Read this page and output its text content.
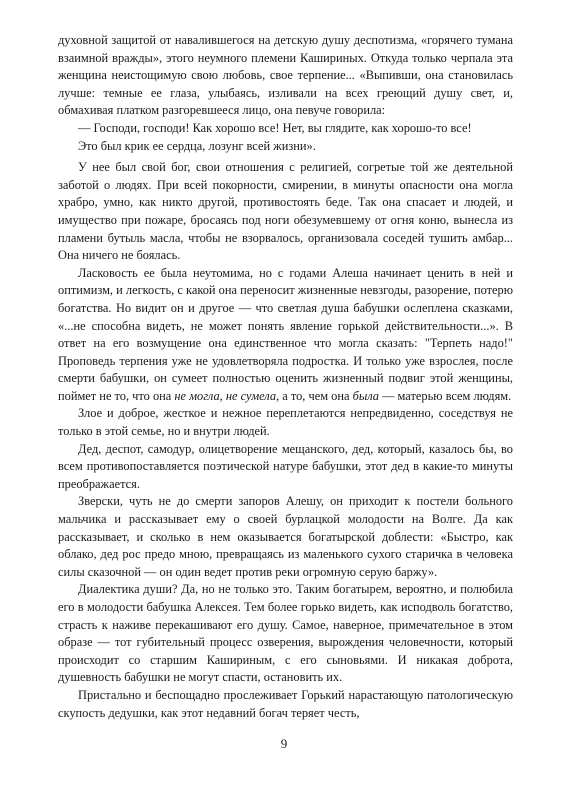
духовной защитой от навалившегося на детскую душу деспотизма, «горячего тумана взаимной вражды», этого неумного племени Кашириных. Откуда только черпала эта женщина неистощимую свою любовь, свое терпение... «Выпивши, она становилась лучше: темные ее глаза, улыбаясь, изливали на всех греющий душу свет, и, обмахивая платком разгоревшееся лицо, она певуче говорила:

— Господи, господи! Как хорошо все! Нет, вы глядите, как хорошо-то все!

Это был крик ее сердца, лозунг всей жизни».

У нее был свой бог, свои отношения с религией, согретые той же деятельной заботой о людях. При всей покорности, смирении, в минуты опасности она могла храбро, умно, как никто другой, противостоять беде. Так она спасает и людей, и имущество при пожаре, бросаясь под ноги обезумевшему от огня коню, вынесла из пламени бутыль масла, чтобы не взорвалось, организовала соседей тушить амбар... Она ничего не боялась.

Ласковость ее была неутомима, но с годами Алеша начинает ценить в ней и оптимизм, и легкость, с какой она переносит жизненные невзгоды, разорение, потерю богатства. Но видит он и другое — что светлая душа бабушки ослеплена сказками, «...не способна видеть, не может понять явление горькой действительности...». В ответ на его возмущение она единственное что могла сказать: "Терпеть надо!" Проповедь терпения уже не удовлетворяла подростка. И только уже взрослея, после смерти бабушки, он сумеет полностью оценить жизненный подвиг этой женщины, поймет не то, что она не могла, не сумела, а то, чем она была — матерью всем людям.

Злое и доброе, жесткое и нежное переплетаются непредвиденно, соседствуя не только в этой семье, но и внутри людей.

Дед, деспот, самодур, олицетворение мещанского, дед, который, казалось бы, во всем противопоставляется поэтической натуре бабушки, этот дед в какие-то минуты преображается.

Зверски, чуть не до смерти запоров Алешу, он приходит к постели больного мальчика и рассказывает ему о своей бурлацкой молодости на Волге. Да как рассказывает, и сколько в нем оказывается богатырской доблести: «Быстро, как облако, дед рос предо мною, превращаясь из маленького сухого старичка в человека силы сказочной — он один ведет против реки огромную серую баржу».

Диалектика души? Да, но не только это. Таким богатырем, вероятно, и полюбила его в молодости бабушка Алексея. Тем более горько видеть, как исподволь богатство, страсть к наживе перекашивают его душу. Самое, наверное, примечательное в этом образе — тот губительный процесс озверения, вырождения человечности, который происходит со старшим Кашириным, с его сыновьями. И никакая доброта, душевность бабушки не могут спасти, остановить их.

Пристально и беспощадно прослеживает Горький нарастающую патологическую скупость дедушки, как этот недавний богач теряет честь,

9
